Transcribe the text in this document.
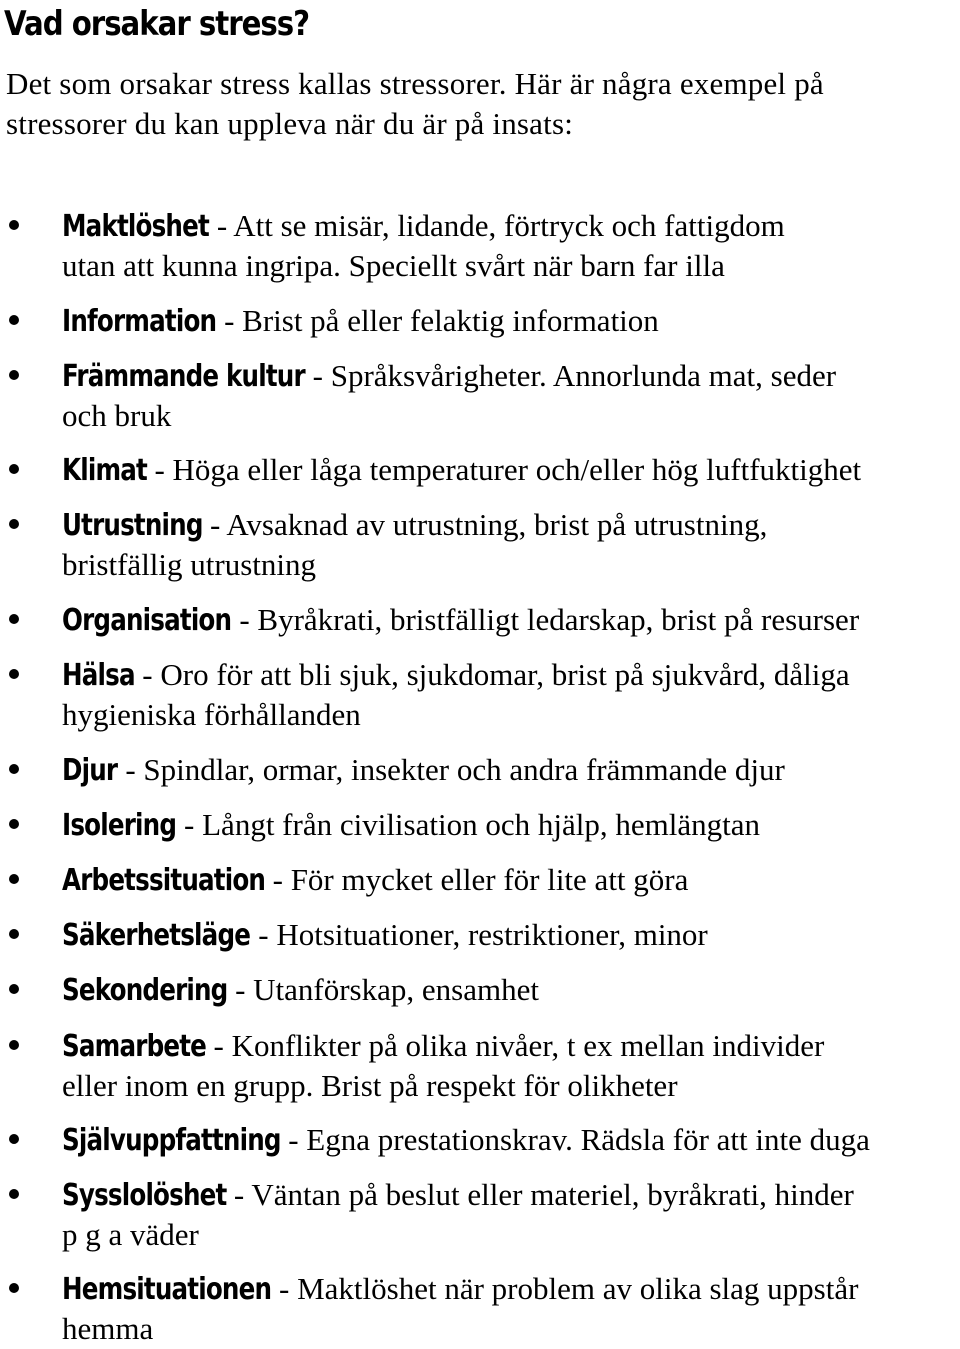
Vad orsakar stress?

Det som orsakar stress kallas stressorer. Här är några exempel på
stressorer du kan uppleva när du är på insats:

Maktlöshet - Att se misär, lidande, förtryck och fattigdom
utan att kunna ingripa. Speciellt svårt när barn far illa
Information - Brist på eller felaktig information
Främmande kultur - Språksvårigheter. Annorlunda mat, seder
och bruk
Klimat - Höga eller låga temperaturer och/eller hög luftfuktighet
Utrustning - Avsaknad av utrustning, brist på utrustning,
bristfällig utrustning
Organisation - Byråkrati, bristfälligt ledarskap, brist på resurser
Hälsa - Oro för att bli sjuk, sjukdomar, brist på sjukvård, dåliga
hygieniska förhållanden
Djur - Spindlar, ormar, insekter och andra främmande djur
Isolering - Långt från civilisation och hjälp, hemlängtan
Arbetssituation - För mycket eller för lite att göra
Säkerhetsläge - Hotsituationer, restriktioner, minor
Sekondering - Utanförskap, ensamhet
Samarbete - Konflikter på olika nivåer, t ex mellan individer
eller inom en grupp. Brist på respekt för olikheter
Självuppfattning - Egna prestationskrav. Rädsla för att inte duga
Sysslolöshet - Väntan på beslut eller materiel, byråkrati, hinder
p g a väder
Hemsituationen - Maktlöshet när problem av olika slag uppstår
hemma
